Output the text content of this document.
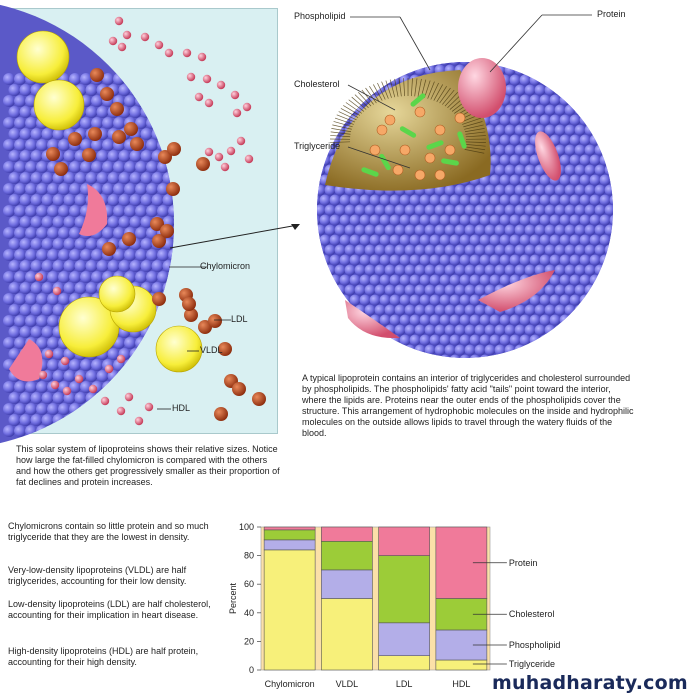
Chylomicron
LDL
VLDL
HDL
Phospholipid	Protein
Cholesterol
Triglyceride

A typical lipoprotein contains an interior of triglycerides and cholesterol surrounded by phospholipids. The phospholipids' fatty acid "tails" point toward the interior, where the lipids are. Proteins near the outer ends of the phospholipids cover the structure. This arrangement of hydrophobic molecules on the inside and hydrophilic molecules on the outside allows lipids to travel through the watery fluids of the blood.

This solar system of lipoproteins shows their relative sizes. Notice how large the fat-filled chylomicron is compared with the others and how the others get progressively smaller as their proportion of fat declines and protein increases.

Chylomicrons contain so little protein and so much triglyceride that they are the lowest in density.

Very-low-density lipoproteins (VLDL) are half triglycerides, accounting for their low density.

Low-density lipoproteins (LDL) are half cholesterol, accounting for their implication in heart disease.

High-density lipoproteins (HDL) are half protein, accounting for their high density.

0
20
40
60
80
100
Percent
Chylomicron VLDL	LDL	HDL
Triglyceride
Phospholipid
Cholesterol
Protein
muhadharaty.com
